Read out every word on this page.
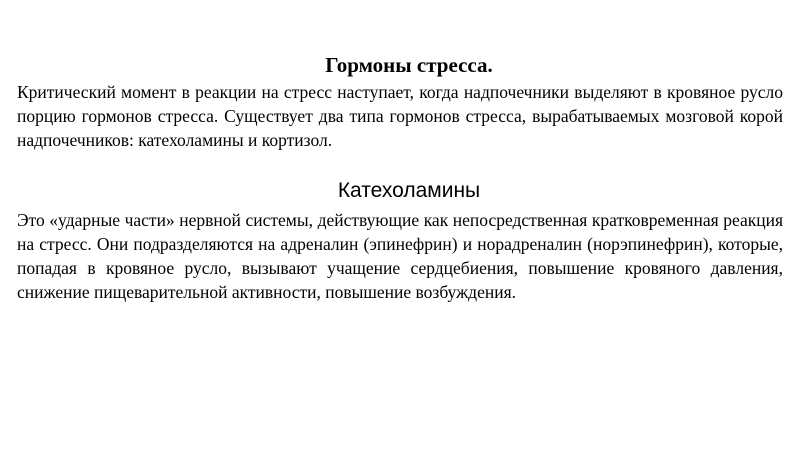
Гормоны стресса.

Критический момент в реакции на стресс наступает, когда надпочечники выделяют в кровяное русло порцию гормонов стресса. Существует два типа гормонов стресса, вырабатываемых мозговой корой надпочечников: катехоламины и кортизол.

Катехоламины

Это «ударные части» нервной системы, действующие как непосредственная кратковременная реакция на стресс. Они подразделяются на адреналин (эпинефрин) и норадреналин (норэпинефрин), которые, попадая в кровяное русло, вызывают учащение сердцебиения, повышение кровяного давления, снижение пищеварительной активности, повышение возбуждения.
